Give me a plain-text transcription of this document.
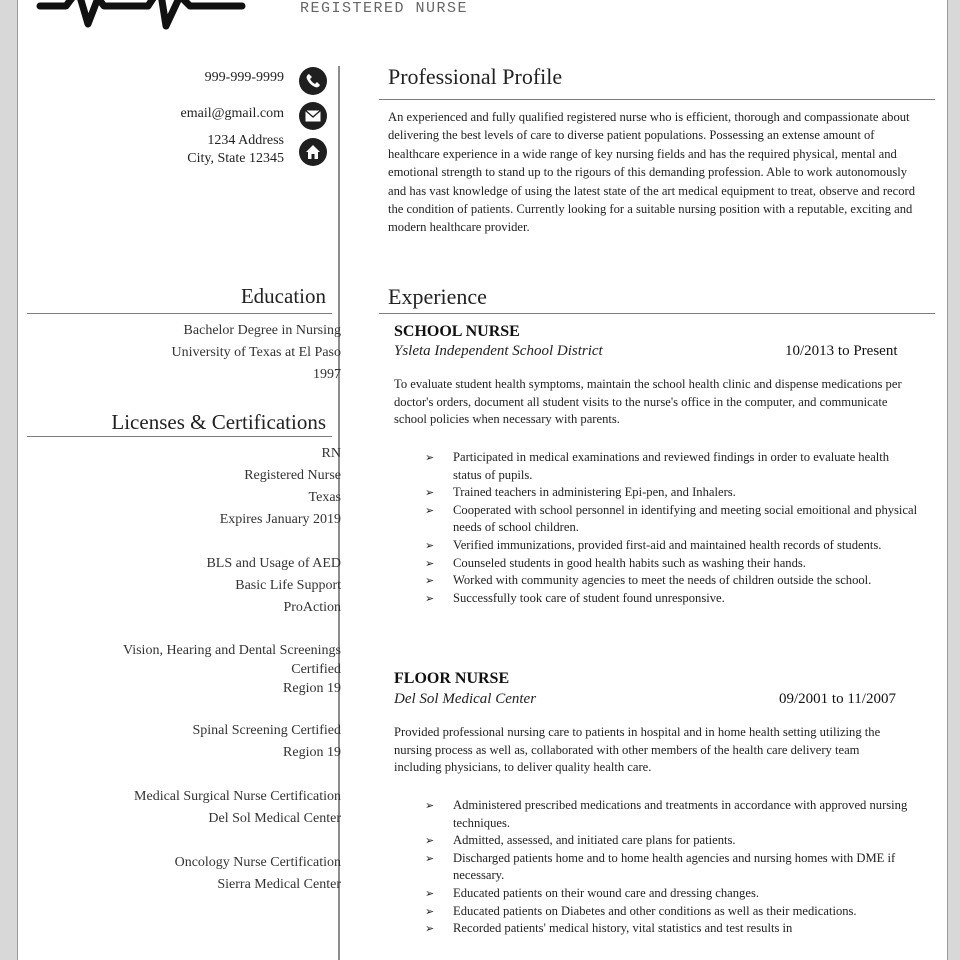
REGISTERED NURSE
999-999-9999
email@gmail.com
1234 Address
City, State 12345
Education
Bachelor Degree in Nursing
University of Texas at El Paso
1997
Licenses & Certifications
RN
Registered Nurse
Texas
Expires January 2019
BLS and Usage of AED
Basic Life Support
ProAction
Vision, Hearing and Dental Screenings
Certified
Region 19
Spinal Screening Certified
Region 19
Medical Surgical Nurse Certification
Del Sol Medical Center
Oncology Nurse Certification
Sierra Medical Center
Professional Profile
An experienced and fully qualified registered nurse who is efficient, thorough and compassionate about delivering the best levels of care to diverse patient populations. Possessing an extense amount of healthcare experience in a wide range of key nursing fields and has the required physical, mental and emotional strength to stand up to the rigours of this demanding profession. Able to work autonomously and has vast knowledge of using the latest state of the art medical equipment to treat, observe and record the condition of patients. Currently looking for a suitable nursing position with a reputable, exciting and modern healthcare provider.
Experience
SCHOOL NURSE
Ysleta Independent School District	10/2013 to Present
To evaluate student health symptoms, maintain the school health clinic and dispense medications per doctor's orders, document all student visits to the nurse's office in the computer, and communicate school policies when necessary with parents.
➢ Participated in medical examinations and reviewed findings in order to evaluate health status of pupils.
➢ Trained teachers in administering Epi-pen, and Inhalers.
➢ Cooperated with school personnel in identifying and meeting social emoitional and physical needs of school children.
➢ Verified immunizations, provided first-aid and maintained health records of students.
➢ Counseled students in good health habits such as washing their hands.
➢ Worked with community agencies to meet the needs of children outside the school.
➢ Successfully took care of student found unresponsive.
FLOOR NURSE
Del Sol Medical Center	09/2001 to 11/2007
Provided professional nursing care to patients in hospital and in home health setting utilizing the nursing process as well as, collaborated with other members of the health care delivery team including physicians, to deliver quality health care.
➢ Administered prescribed medications and treatments in accordance with approved nursing techniques.
➢ Admitted, assessed, and initiated care plans for patients.
➢ Discharged patients home and to home health agencies and nursing homes with DME if necessary.
➢ Educated patients on their wound care and dressing changes.
➢ Educated patients on Diabetes and other conditions as well as their medications.
➢ Recorded patients' medical history, vital statistics and test results in
